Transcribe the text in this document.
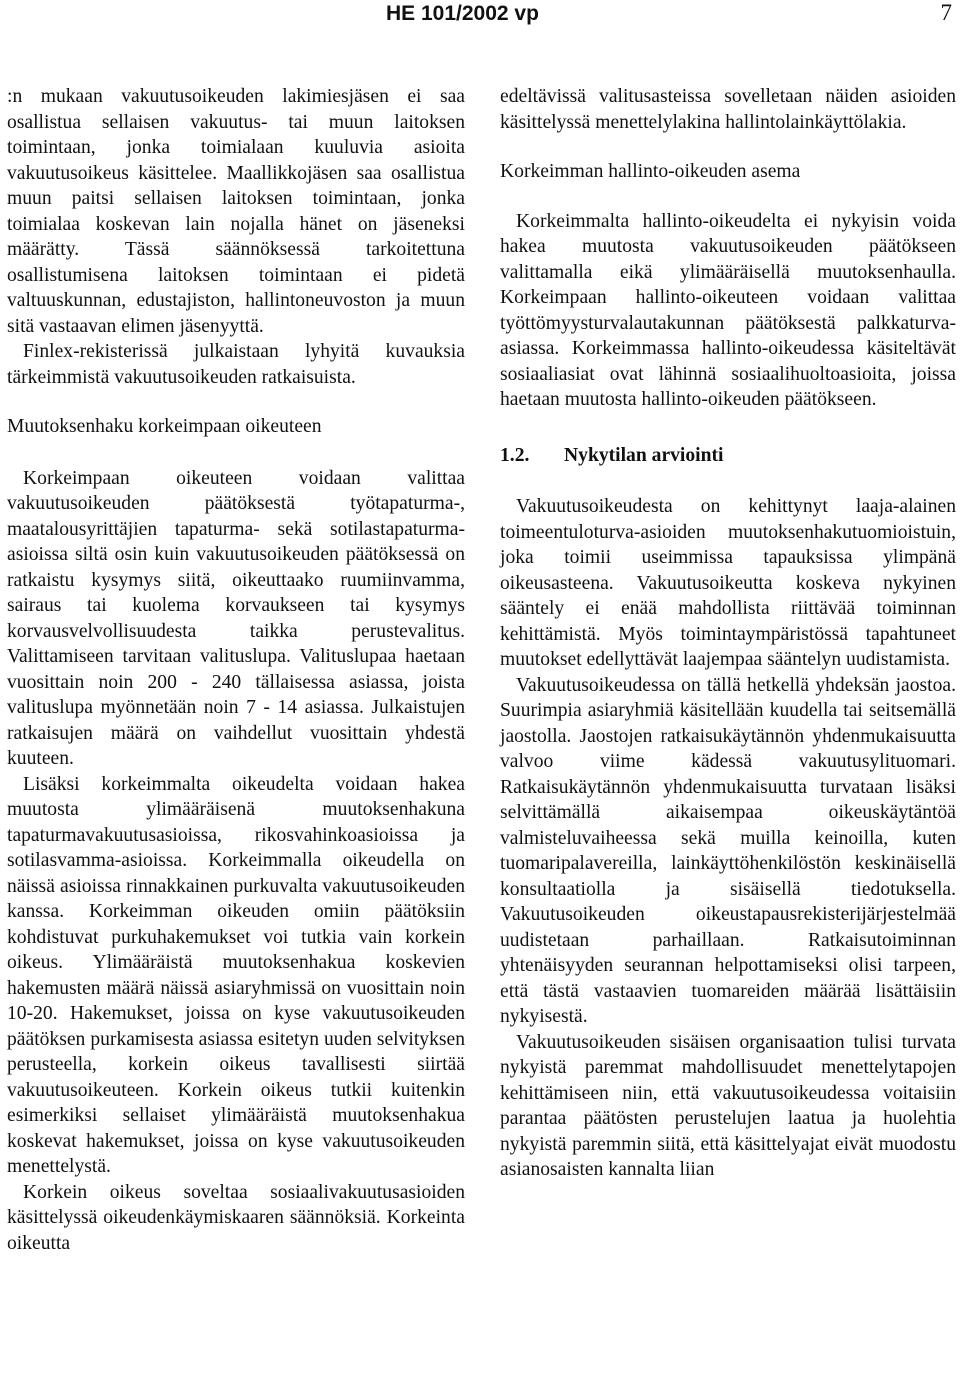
HE 101/2002 vp	7

:n mukaan vakuutusoikeuden lakimiesjäsen ei saa osallistua sellaisen vakuutus- tai muun laitoksen toimintaan, jonka toimialaan kuuluvia asioita vakuutusoikeus käsittelee. Maallikkojäsen saa osallistua muun paitsi sellaisen laitoksen toimintaan, jonka toimialaa koskevan lain nojalla hänet on jäseneksi määrätty. Tässä säännöksessä tarkoitettuna osallistumisena laitoksen toimintaan ei pidetä valtuuskunnan, edustajiston, hallintoneuvoston ja muun sitä vastaavan elimen jäsenyyttä.

Finlex-rekisterissä julkaistaan lyhyitä kuvauksia tärkeimmistä vakuutusoikeuden ratkaisuista.

Muutoksenhaku korkeimpaan oikeuteen

Korkeimpaan oikeuteen voidaan valittaa vakuutusoikeuden päätöksestä työtapaturma-, maatalousyrittäjien tapaturma- sekä sotilastapaturma-asioissa siltä osin kuin vakuutusoikeuden päätöksessä on ratkaistu kysymys siitä, oikeuttaako ruumiinvamma, sairaus tai kuolema korvaukseen tai kysymys korvausvelvollisuudesta taikka perustevalitus. Valittamiseen tarvitaan valituslupa. Valituslupaa haetaan vuosittain noin 200 - 240 tällaisessa asiassa, joista valituslupa myönnetään noin 7 - 14 asiassa. Julkaistujen ratkaisujen määrä on vaihdellut vuosittain yhdestä kuuteen.

Lisäksi korkeimmalta oikeudelta voidaan hakea muutosta ylimääräisenä muutoksenhakuna tapaturmavakuutusasioissa, rikosvahinkoasioissa ja sotilasvamma-asioissa. Korkeimmalla oikeudella on näissä asioissa rinnakkainen purkuvalta vakuutusoikeuden kanssa. Korkeimman oikeuden omiin päätöksiin kohdistuvat purkuhakemukset voi tutkia vain korkein oikeus. Ylimääräistä muutoksenhakua koskevien hakemusten määrä näissä asiaryhmissä on vuosittain noin 10-20. Hakemukset, joissa on kyse vakuutusoikeuden päätöksen purkamisesta asiassa esitetyn uuden selvityksen perusteella, korkein oikeus tavallisesti siirtää vakuutusoikeuteen. Korkein oikeus tutkii kuitenkin esimerkiksi sellaiset ylimääräistä muutoksenhakua koskevat hakemukset, joissa on kyse vakuutusoikeuden menettelystä.

Korkein oikeus soveltaa sosiaalivakuutusasioiden käsittelyssä oikeudenkäymiskaaren säännöksiä. Korkeinta oikeutta

edeltävissä valitusasteissa sovelletaan näiden asioiden käsittelyssä menettelylakina hallintolainkäyttölakia.

Korkeimman hallinto-oikeuden asema

Korkeimmalta hallinto-oikeudelta ei nykyisin voida hakea muutosta vakuutusoikeuden päätökseen valittamalla eikä ylimääräisellä muutoksenhaulla. Korkeimpaan hallinto-oikeuteen voidaan valittaa työttömyysturvalautakunnan päätöksestä palkkaturva-asiassa. Korkeimmassa hallinto-oikeudessa käsiteltävät sosiaaliasiat ovat lähinnä sosiaalihuoltoasioita, joissa haetaan muutosta hallinto-oikeuden päätökseen.

1.2. Nykytilan arviointi

Vakuutusoikeudesta on kehittynyt laaja-alainen toimeentuloturva-asioiden muutoksenhakutuomioistuin, joka toimii useimmissa tapauksissa ylimpänä oikeusasteena. Vakuutusoikeutta koskeva nykyinen sääntely ei enää mahdollista riittävää toiminnan kehittämistä. Myös toimintaympäristössä tapahtuneet muutokset edellyttävät laajempaa sääntelyn uudistamista.

Vakuutusoikeudessa on tällä hetkellä yhdeksän jaostoa. Suurimpia asiaryhmiä käsitellään kuudella tai seitsemällä jaostolla. Jaostojen ratkaisukäytännön yhdenmukaisuutta valvoo viime kädessä vakuutusylituomari. Ratkaisukäytännön yhdenmukaisuutta turvataan lisäksi selvittämällä aikaisempaa oikeuskäytäntöä valmisteluvaiheessa sekä muilla keinoilla, kuten tuomaripalavereilla, lainkäyttöhenkilöstön keskinäisellä konsultaatiolla ja sisäisellä tiedotuksella. Vakuutusoikeuden oikeustapausrekisterijärjestelmää uudistetaan parhaillaan. Ratkaisutoiminnan yhtenäisyyden seurannan helpottamiseksi olisi tarpeen, että tästä vastaavien tuomareiden määrää lisättäisiin nykyisestä.

Vakuutusoikeuden sisäisen organisaation tulisi turvata nykyistä paremmat mahdollisuudet menettelytapojen kehittämiseen niin, että vakuutusoikeudessa voitaisiin parantaa päätösten perustelujen laatua ja huolehtia nykyistä paremmin siitä, että käsittelyajat eivät muodostu asianosaisten kannalta liian
